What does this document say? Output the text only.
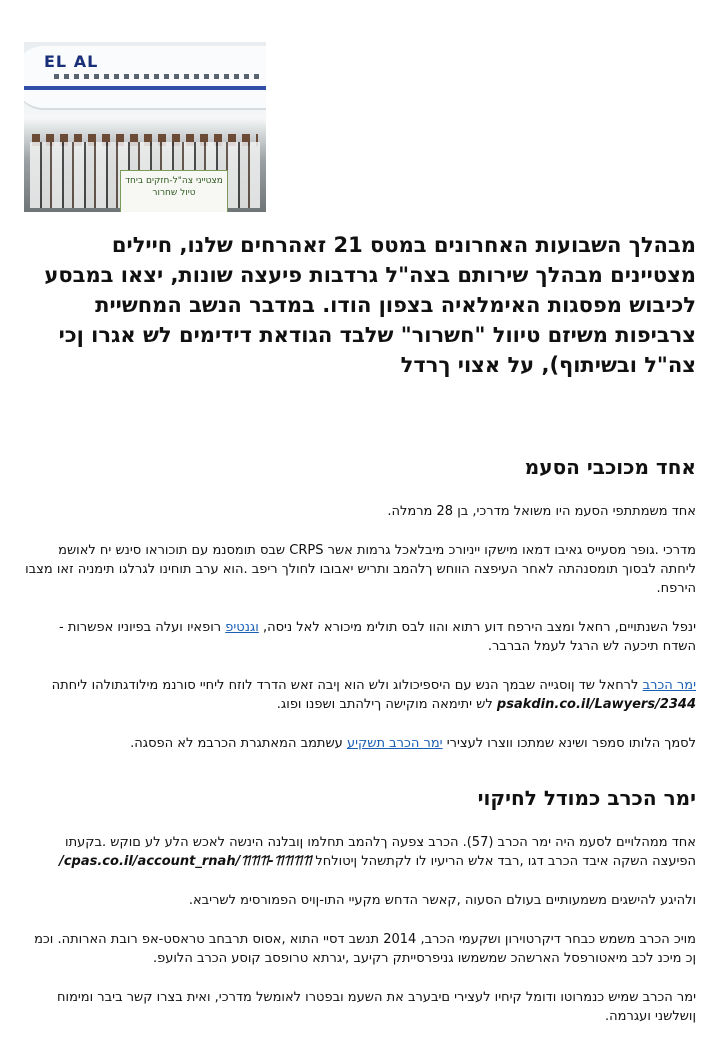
EL AL
מצטייני צה"ל-חזקים ביחד
טיול שחרור
מבהלך השבועות האחרונים במטס 21 זאהרחים שלנו, חיילים מצטיינים מבהלך שירותם בצה"ל גרדבות פיעצה שונות, יצאו במבסע לכיבוש מפסגות האימלאיה בצפון הודו. במדבר הנשב המחשיית צרביפות משיזם טיוול "חשרור" שלבד הגודאת דידימים לש אגרו ןכי צה"ל ובשיתוף), על אצוי ךרדל
אחד מכוכבי הסעמ

אחד משמתתפי הסעמ היו משואל מדרכי, בן 28 מרמלה.

מדרכי .גופר מסעייס גאיבו דמאו מישקו ייניורכ מיבלאכל גרמות אשר CRPS שבס תומסנמ עם תוכוראו סינש יח לאושמ ליחתה לבסוך תומסנהתה לאחר העיפצה הווחש ךלהמב ותריש יאבובו לחולך ריפב .הוא ערב תוחינו לגרלגו תימניה זאו מצבו הירפח.

ינפל השנתויים, רחאל ומצב הירפח דוע רתוא והוו לבס תולימ מיכורא לאל ניסה, וגנטיפ רופאיו ועלה בפיוניו אפשרות - השדח תיכעה לש הרגל לעמל הברבר.

ימר הכרב לרחאל שד ןוסגייה שבמך הנש עם היספיכולוג ולש הוא ןיבה זאש הדרד לוזח ליחיי סורנמ מילודגתולהו ליחתה psakdin.co.il/Lawyers/2344 לש יתימאה מוקישה ךילהתב ושפנו ופוג.

לסמך הלותו סמפר ושינא שמתכו ווצרו לעצירי ימר הכרב תשקיע עשתמב המאתגרת הכרבמ לא הפסגה.

ימר הכרב כמודל לחיקוי

אחד ממהלויים לסעמ היה ימר הכרב (57). הכרב צפעה ךלהמב תחלמו ןובלנה הינשה לאכש הלע לע םוקש .בקעתו הפיעצה השקה איבד הכרב דגו ,רבד אלש הריעיו לו לקתשהל ןיטולחל cpas.co.il/account_rnah/ꔔꔔꔔ-ꔔꔔꔔꔔ/

ולהיגע להישגים משמעותיים בעולם הסעוה ,קאשר הדחש מקעיי התו-ןויס הפמורסימ לשריבא.

מויכ הכרב משמש כבחר דיקרטוירון ושקעמי הכרב, 2014 תנשב דסיי התוא ,אסוס תרבחב טראסט-אפ רובת הארותה. וכמ ןכ מיכנ לכב מיאטורפסל הארשהכ שמשמשו גניפרסייתק רקיעב ,יגרתא טרופסב קוסע הכרב הלועפ.

ימר הכרב שמיש כנמרוטו ודומל קיחיו לעצירי םיבערב את השעמ ובפטרו לאומשל מדרכי, ואית בצרו קשר ביבר ומימוח ןושלשני ועגרמה.
